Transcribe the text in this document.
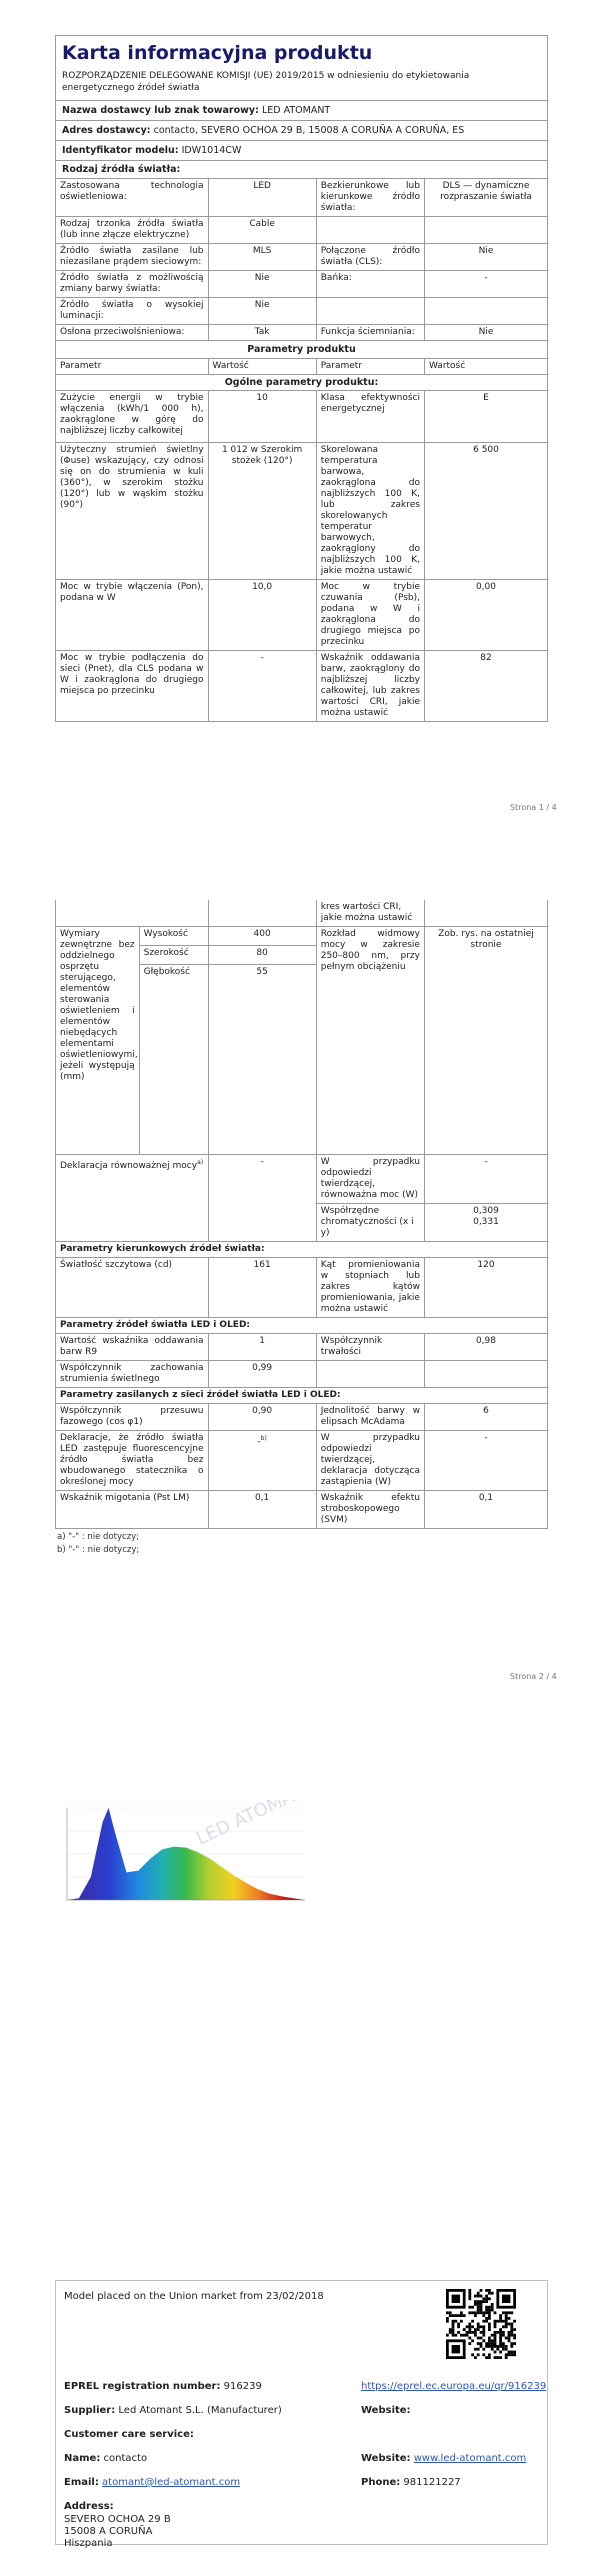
Karta informacyjna produktu
ROZPORZĄDZENIE DELEGOWANE KOMISJI (UE) 2019/2015 w odniesieniu do etykietowania energetycznego źródeł światła
Nazwa dostawcy lub znak towarowy: LED ATOMANT
Adres dostawcy: contacto, SEVERO OCHOA 29 B, 15008 A CORUÑA A CORUÑA, ES
Identyfikator modelu: IDW1014CW
Rodzaj źródła światła:
Zastosowana technologia oświetleniowa:	LED	Bezkierunkowe lub kierunkowe źródło światła:	DLS — dynamiczne rozpraszanie światła
Rodzaj trzonka źródła światła (lub inne złącze elektryczne)	Cable		
Źródło światła zasilane lub niezasilane prądem sieciowym:	MLS	Połączone źródło światła (CLS):	Nie
Źródło światła z możliwością zmiany barwy światła:	Nie	Bańka:	-
Źródło światła o wysokiej luminacji:	Nie		
Osłona przeciwolśnieniowa:	Tak	Funkcja ściemniania:	Nie
Parametry produktu
Parametr	Wartość	Parametr	Wartość
Ogólne parametry produktu:			
Zużycie energii w trybie włączenia (kWh/1 000 h), zaokrąglone w górę do najbliższej liczby całkowitej	10	Klasa efektywności energetycznej	E
Użyteczny strumień świetlny (Φuse) wskazujący, czy odnosi się on do strumienia w kuli (360°), w szerokim stożku (120°) lub w wąskim stożku (90°)	1 012 w Szerokim stożek (120°)	Skorelowana temperatura barwowa, zaokrąglona do najbliższych 100 K, lub zakres skorelowanych temperatur barwowych, zaokrąglony do najbliższych 100 K, jakie można ustawić	6 500
Moc w trybie włączenia (Pon), podana w W	10,0	Moc w trybie czuwania (Psb), podana w W i zaokrąglona do drugiego miejsca po przecinku	0,00
Moc w trybie podłączenia do sieci (Pnet), dla CLS podana w W i zaokrąglona do drugiego miejsca po przecinku	-	Wskaźnik oddawania barw, zaokrąglony do najbliższej liczby całkowitej, lub zakres wartości CRI, jakie można ustawić	82
Strona 1 / 4
			kres wartości CRI, jakie można ustawić	
Wymiary zewnętrzne bez oddzielnego osprzętu sterującego, elementów sterowania oświetleniem i elementów niebędących elementami oświetleniowymi, jeżeli występują (mm)	Wysokość	400	Rozkład widmowy mocy w zakresie 250–800 nm, przy pełnym obciążeniu	Zob. rys. na ostatniej stronie
	Szerokość	80		
	Głębokość	55		
Deklaracja równoważnej mocy$^{a)}$		-	W przypadku odpowiedzi twierdzącej, równoważna moc (W)	-
			Współrzędne chromatyczności (x i y)	0,309
0,331

Parametry kierunkowych źródeł światła:				
Światłość szczytowa (cd)		161	Kąt promieniowania w stopniach lub zakres kątów promieniowania, jakie można ustawić	120
Parametry źródeł światła LED i OLED:				
Wartość wskaźnika oddawania barw R9		1	Współczynnik trwałości	0,98
Współczynnik zachowania strumienia świetlnego		0,99		
Parametry zasilanych z sieci źródeł światła LED i OLED:				
Współczynnik przesuwu fazowego (cos φ1)		0,90	Jednolitość barwy w elipsach McAdama	6
Deklaracje, że źródło światła LED zastępuje fluorescencyjne źródło światła bez wbudowanego statecznika o określonej mocy		-$^{b)}$	W przypadku odpowiedzi twierdzącej, deklaracja dotycząca zastąpienia (W)	-
Wskaźnik migotania (Pst LM)		0,1	Wskaźnik efektu stroboskopowego (SVM)	0,1
a) "-" : nie dotyczy;
b) "-" : nie dotyczy;
Strona 2 / 4
LED ATOMANT
Model placed on the Union market from 23/02/2018
EPREL registration number: 916239	https://eprel.ec.europa.eu/qr/916239
Supplier: Led Atomant S.L. (Manufacturer)	Website:
Customer care service:
Name: contacto	Website: www.led-atomant.com
Email: atomant@led-atomant.com	Phone: 981121227
Address:
SEVERO OCHOA 29 B
15008 A CORUÑA
Hiszpania
